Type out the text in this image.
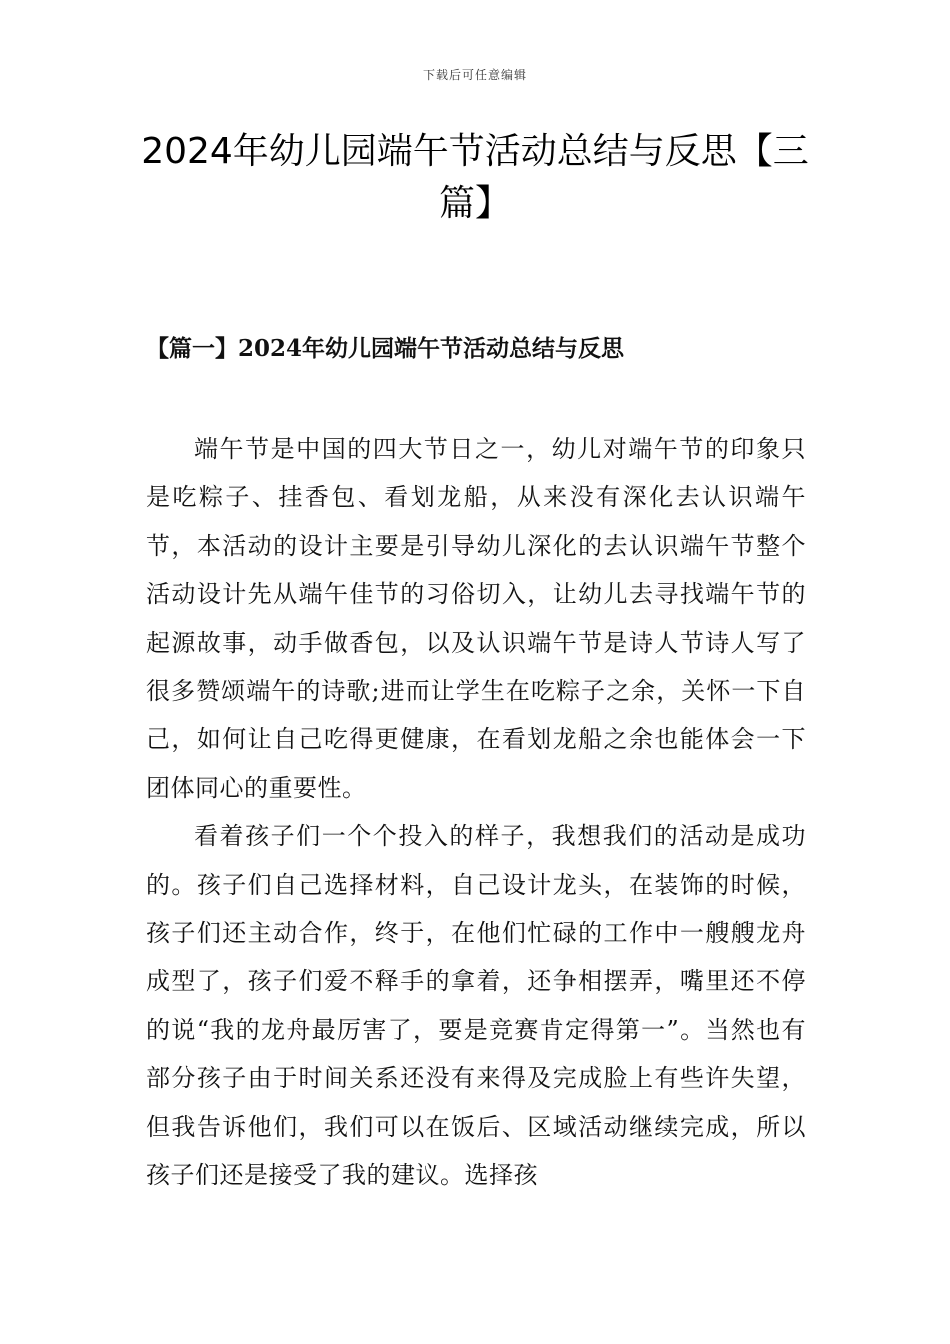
下载后可任意编辑
2024年幼儿园端午节活动总结与反思【三篇】
【篇一】2024年幼儿园端午节活动总结与反思

端午节是中国的四大节日之一，幼儿对端午节的印象只是吃粽子、挂香包、看划龙船，从来没有深化去认识端午节，本活动的设计主要是引导幼儿深化的去认识端午节整个活动设计先从端午佳节的习俗切入，让幼儿去寻找端午节的起源故事，动手做香包，以及认识端午节是诗人节诗人写了很多赞颂端午的诗歌;进而让学生在吃粽子之余，关怀一下自己，如何让自己吃得更健康，在看划龙船之余也能体会一下团体同心的重要性。

看着孩子们一个个投入的样子，我想我们的活动是成功的。孩子们自己选择材料，自己设计龙头，在装饰的时候，孩子们还主动合作，终于，在他们忙碌的工作中一艘艘龙舟成型了，孩子们爱不释手的拿着，还争相摆弄，嘴里还不停的说“我的龙舟最厉害了，要是竞赛肯定得第一”。当然也有部分孩子由于时间关系还没有来得及完成脸上有些许失望，但我告诉他们，我们可以在饭后、区域活动继续完成，所以孩子们还是接受了我的建议。选择孩
